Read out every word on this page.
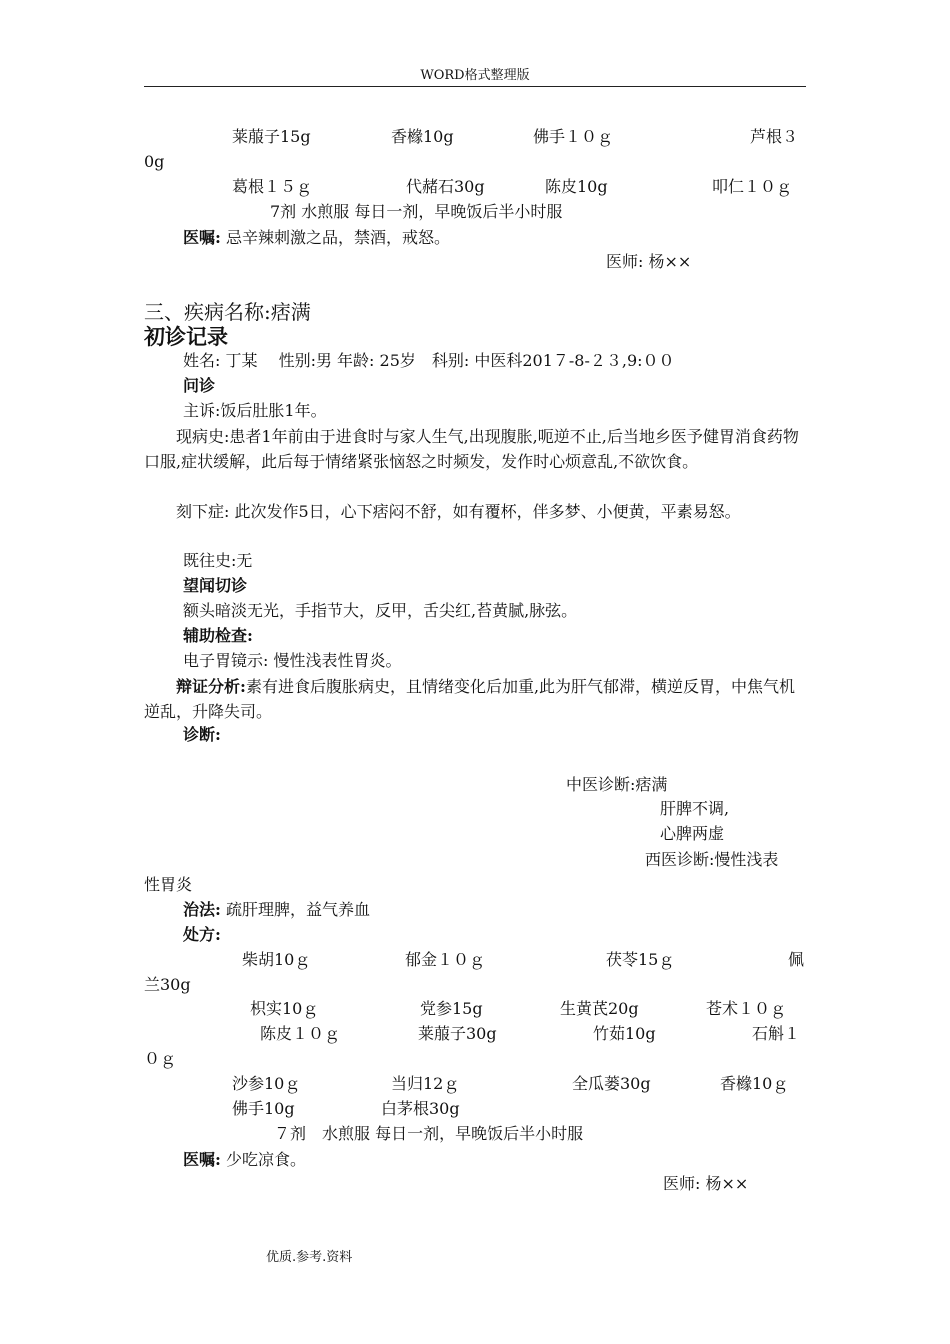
WORD格式整理版
莱菔子15g	香橼10g	佛手１０ｇ	芦根３
0g
葛根１５ｇ	代赭石30g	陈皮10g	叩仁１０ｇ
7剂 水煎服 每日一剂，早晚饭后半小时服
医嘱: 忌辛辣刺激之品，禁酒，戒怒。
医师: 杨××
三、疾病名称:痞满
初诊记录
姓名: 丁某　 性别:男 年龄: 25岁　科别: 中医科201７-8-２３,9:００
问诊
主诉:饭后肚胀1年。
　　现病史:患者1年前由于进食时与家人生气,出现腹胀,呃逆不止,后当地乡医予健胃消食药物口服,症状缓解，此后每于情绪紧张恼怒之时频发，发作时心烦意乱,不欲饮食。
　　刻下症: 此次发作5日，心下痞闷不舒，如有覆杯，伴多梦、小便黄，平素易怒。
既往史:无
望闻切诊
额头暗淡无光，手指节大，反甲，舌尖红,苔黄腻,脉弦。
辅助检查:
电子胃镜示: 慢性浅表性胃炎。
　　辩证分析:素有进食后腹胀病史，且情绪变化后加重,此为肝气郁滞，横逆反胃，中焦气机逆乱，升降失司。
诊断:
中医诊断:痞满
肝脾不调,
心脾两虚
西医诊断:慢性浅表
性胃炎
治法: 疏肝理脾，益气养血
处方:
柴胡10ｇ	郁金１０ｇ	茯苓15ｇ	佩
兰30g
枳实10ｇ	党参15g	生黄芪20g	苍术１０ｇ
陈皮１０ｇ	莱菔子30g	竹茹10g	石斛１
０ｇ
沙参10ｇ	当归12ｇ	全瓜蒌30g	香橼10ｇ
佛手10g	白茅根30g
７剂　水煎服 每日一剂，早晚饭后半小时服
医嘱: 少吃凉食。
医师: 杨××
优质.参考.资料
